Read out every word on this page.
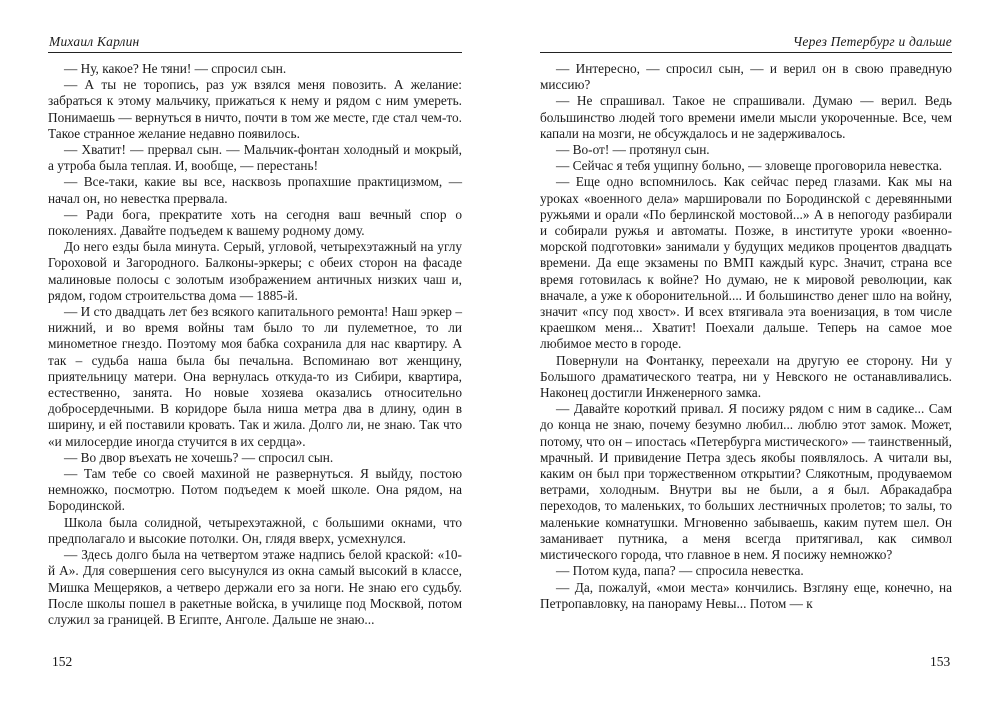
Михаил Карлин

— Ну, какое? Не тяни! — спросил сын.

— А ты не торопись, раз уж взялся меня повозить. А желание: забраться к этому мальчику, прижаться к нему и рядом с ним умереть. Понимаешь — вернуться в ничто, почти в том же месте, где стал чем-то. Такое странное желание недавно появилось.

— Хватит! — прервал сын. — Мальчик-фонтан холодный и мокрый, а утроба была теплая. И, вообще, — перестань!

— Все-таки, какие вы все, насквозь пропахшие практицизмом, — начал он, но невестка прервала.

— Ради бога, прекратите хоть на сегодня ваш вечный спор о поколениях. Давайте подъедем к вашему родному дому.

До него езды была минута. Серый, угловой, четырехэтажный на углу Гороховой и Загородного. Балконы-эркеры; с обеих сторон на фасаде малиновые полосы с золотым изображением античных низких чаш и, рядом, годом строительства дома — 1885-й.

— И сто двадцать лет без всякого капитального ремонта! Наш эркер – нижний, и во время войны там было то ли пулеметное, то ли минометное гнездо. Поэтому моя бабка сохранила для нас квартиру. А так – судьба наша была бы печальна. Вспоминаю вот женщину, приятельницу матери. Она вернулась откуда-то из Сибири, квартира, естественно, занята. Но новые хозяева оказались относительно добросердечными. В коридоре была ниша метра два в длину, один в ширину, и ей поставили кровать. Так и жила. Долго ли, не знаю. Так что «и милосердие иногда стучится в их сердца».

— Во двор въехать не хочешь? — спросил сын.

— Там тебе со своей махиной не развернуться. Я выйду, постою немножко, посмотрю. Потом подъедем к моей школе. Она рядом, на Бородинской.

Школа была солидной, четырехэтажной, с большими окнами, что предполагало и высокие потолки. Он, глядя вверх, усмехнулся.

— Здесь долго была на четвертом этаже надпись белой краской: «10-й А». Для совершения сего высунулся из окна самый высокий в классе, Мишка Мещеряков, а четверо держали его за ноги. Не знаю его судьбу. После школы пошел в ракетные войска, в училище под Москвой, потом служил за границей. В Египте, Анголе. Дальше не знаю...

152
Через Петербург и дальше

— Интересно, — спросил сын, — и верил он в свою праведную миссию?

— Не спрашивал. Такое не спрашивали. Думаю — верил. Ведь большинство людей того времени имели мысли укороченные. Все, чем капали на мозги, не обсуждалось и не задерживалось.

— Во-от! — протянул сын.

— Сейчас я тебя ущипну больно, — зловеще проговорила невестка.

— Еще одно вспомнилось. Как сейчас перед глазами. Как мы на уроках «военного дела» маршировали по Бородинской с деревянными ружьями и орали «По берлинской мостовой...» А в непогоду разбирали и собирали ружья и автоматы. Позже, в институте уроки «военно-морской подготовки» занимали у будущих медиков процентов двадцать времени. Да еще экзамены по ВМП каждый курс. Значит, страна все время готовилась к войне? Но думаю, не к мировой революции, как вначале, а уже к оборонительной.... И большинство денег шло на войну, значит «псу под хвост». И всех втягивала эта военизация, в том числе краешком меня... Хватит! Поехали дальше. Теперь на самое мое любимое место в городе.

Повернули на Фонтанку, переехали на другую ее сторону. Ни у Большого драматического театра, ни у Невского не останавливались. Наконец достигли Инженерного замка.

— Давайте короткий привал. Я посижу рядом с ним в садике... Сам до конца не знаю, почему безумно любил... люблю этот замок. Может, потому, что он – ипостась «Петербурга мистического» — таинственный, мрачный. И привидение Петра здесь якобы появлялось. А читали вы, каким он был при торжественном открытии? Слякотным, продуваемом ветрами, холодным. Внутри вы не были, а я был. Абракадабра переходов, то маленьких, то больших лестничных пролетов; то залы, то маленькие комнатушки. Мгновенно забываешь, каким путем шел. Он заманивает путника, а меня всегда притягивал, как символ мистического города, что главное в нем. Я посижу немножко?

— Потом куда, папа? — спросила невестка.

— Да, пожалуй, «мои места» кончились. Взгляну еще, конечно, на Петропавловку, на панораму Невы... Потом — к

153
